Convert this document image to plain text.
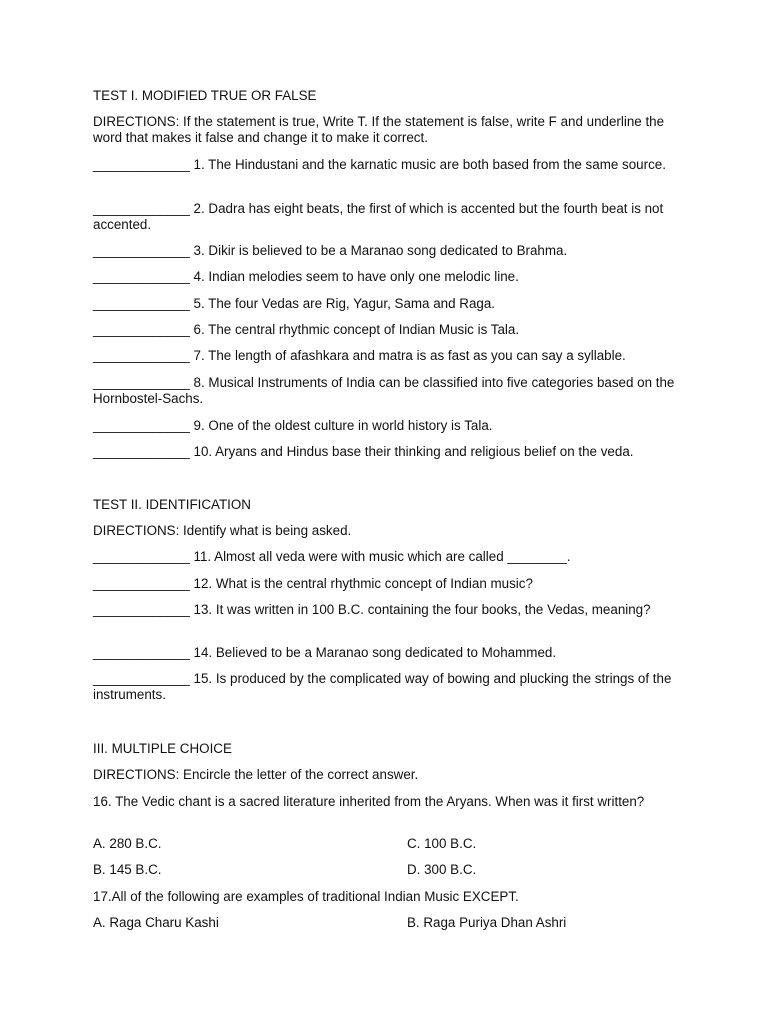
TEST I. MODIFIED TRUE OR FALSE

DIRECTIONS: If the statement is true, Write T. If the statement is false, write F and underline the word that makes it false and change it to make it correct.

_____________ 1. The Hindustani and the karnatic music are both based from the same source.

_____________ 2. Dadra has eight beats, the first of which is accented but the fourth beat is not accented.

_____________ 3. Dikir is believed to be a Maranao song dedicated to Brahma.

_____________ 4. Indian melodies seem to have only one melodic line.

_____________ 5. The four Vedas are Rig, Yagur, Sama and Raga.

_____________ 6. The central rhythmic concept of Indian Music is Tala.

_____________ 7. The length of afashkara and matra is as fast as you can say a syllable.

_____________ 8. Musical Instruments of India can be classified into five categories based on the Hornbostel-Sachs.

_____________ 9. One of the oldest culture in world history is Tala.

_____________ 10. Aryans and Hindus base their thinking and religious belief on the veda.

TEST II. IDENTIFICATION

DIRECTIONS: Identify what is being asked.

_____________ 11. Almost all veda were with music which are called ________.

_____________ 12. What is the central rhythmic concept of Indian music?

_____________ 13. It was written in 100 B.C. containing the four books, the Vedas, meaning?

_____________ 14. Believed to be a Maranao song dedicated to Mohammed.

_____________ 15. Is produced by the complicated way of bowing and plucking the strings of the instruments.

III. MULTIPLE CHOICE

DIRECTIONS: Encircle the letter of the correct answer.

16. The Vedic chant is a sacred literature inherited from the Aryans. When was it first written?

A. 280 B.C.	C. 100 B.C.
B. 145 B.C.	D. 300 B.C.

17.All of the following are examples of traditional Indian Music EXCEPT.

A. Raga Charu Kashi	B. Raga Puriya Dhan Ashri
